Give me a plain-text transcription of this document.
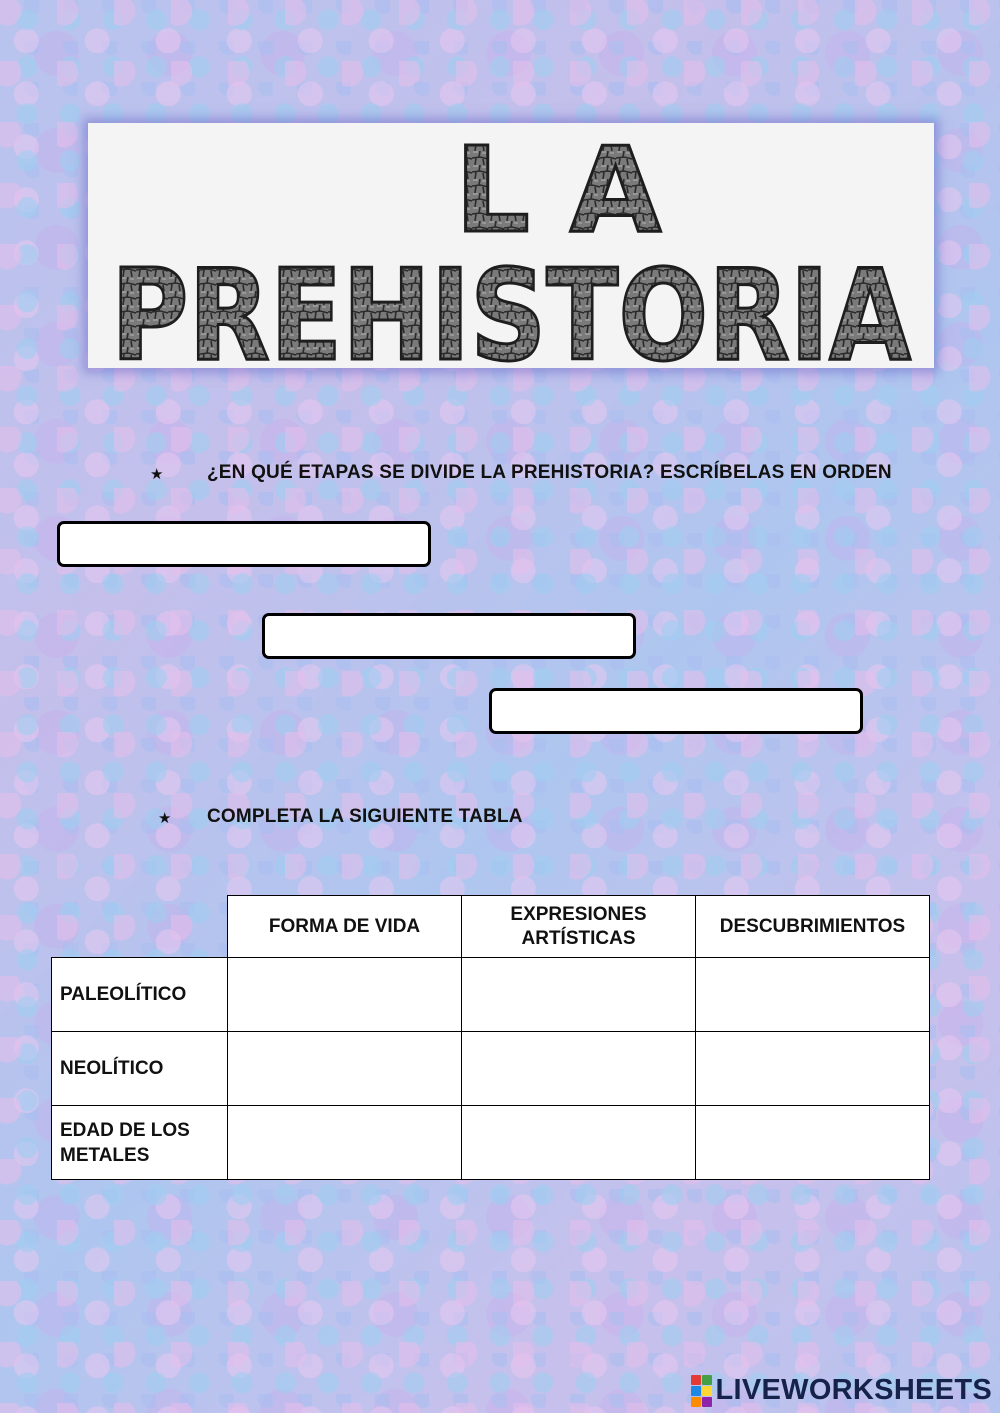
LA
PREHISTORIA
★ ¿EN QUÉ ETAPAS SE DIVIDE LA PREHISTORIA? ESCRÍBELAS EN ORDEN
★ COMPLETA LA SIGUIENTE TABLA
	FORMA DE VIDA	EXPRESIONES ARTÍSTICAS	DESCUBRIMIENTOS
PALEOLÍTICO			
NEOLÍTICO			
EDAD DE LOS METALES			
LIVEWORKSHEETS
